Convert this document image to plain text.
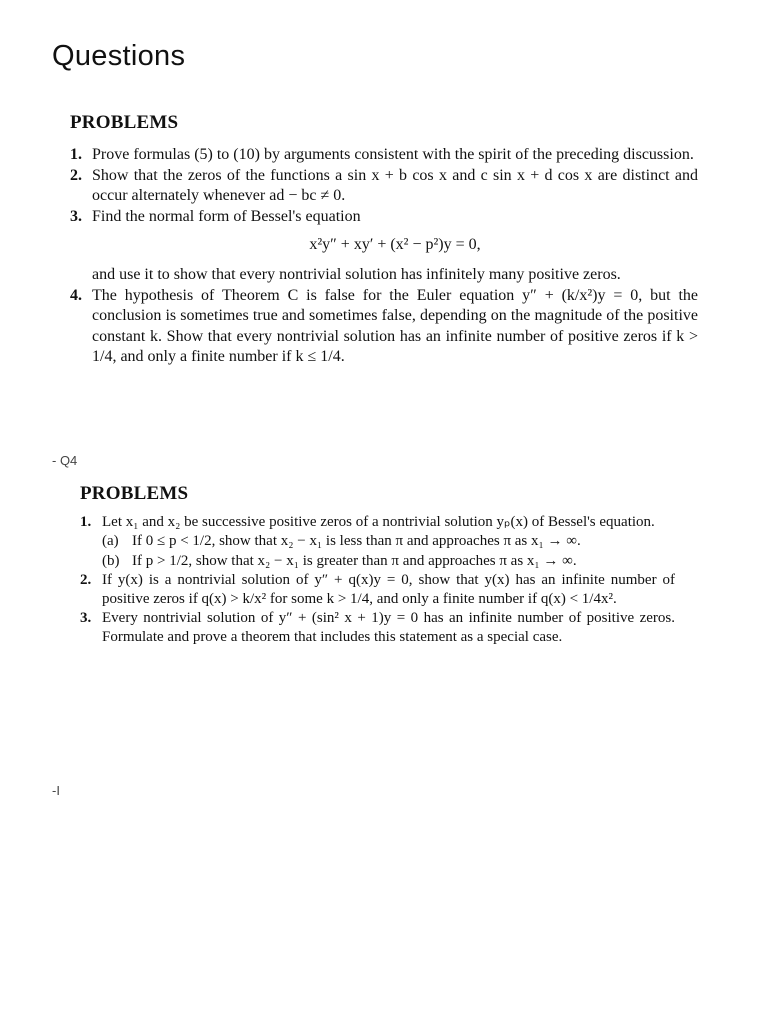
Questions
PROBLEMS
1. Prove formulas (5) to (10) by arguments consistent with the spirit of the preceding discussion.
2. Show that the zeros of the functions a sin x + b cos x and c sin x + d cos x are distinct and occur alternately whenever ad − bc ≠ 0.
3. Find the normal form of Bessel's equation
x²y″ + xy′ + (x² − p²)y = 0,
and use it to show that every nontrivial solution has infinitely many positive zeros.
4. The hypothesis of Theorem C is false for the Euler equation y″ + (k/x²)y = 0, but the conclusion is sometimes true and sometimes false, depending on the magnitude of the positive constant k. Show that every nontrivial solution has an infinite number of positive zeros if k > 1/4, and only a finite number if k ≤ 1/4.
- Q4
PROBLEMS
1. Let x₁ and x₂ be successive positive zeros of a nontrivial solution yₚ(x) of Bessel's equation.
(a) If 0 ≤ p < 1/2, show that x₂ − x₁ is less than π and approaches π as x₁ → ∞.
(b) If p > 1/2, show that x₂ − x₁ is greater than π and approaches π as x₁ → ∞.
2. If y(x) is a nontrivial solution of y″ + q(x)y = 0, show that y(x) has an infinite number of positive zeros if q(x) > k/x² for some k > 1/4, and only a finite number if q(x) < 1/4x².
3. Every nontrivial solution of y″ + (sin² x + 1)y = 0 has an infinite number of positive zeros. Formulate and prove a theorem that includes this statement as a special case.
-I
